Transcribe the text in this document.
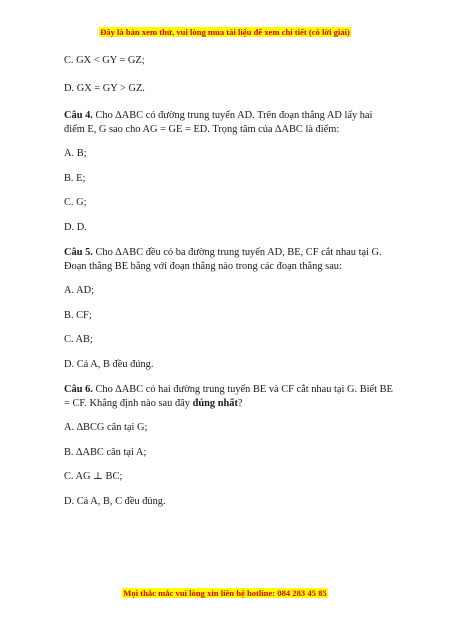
Đây là bản xem thử, vui lòng mua tài liệu để xem chi tiết (có lời giải)

C. GX < GY = GZ;

D. GX = GY > GZ.

Câu 4. Cho ∆ABC có đường trung tuyến AD. Trên đoạn thẳng AD lấy hai điểm E, G sao cho AG = GE = ED. Trọng tâm của ∆ABC là điểm:

A. B;

B. E;

C. G;

D. D.

Câu 5. Cho ∆ABC đều có ba đường trung tuyến AD, BE, CF cắt nhau tại G. Đoạn thẳng BE bằng với đoạn thẳng nào trong các đoạn thẳng sau:

A. AD;

B. CF;

C. AB;

D. Cả A, B đều đúng.

Câu 6. Cho ∆ABC có hai đường trung tuyến BE và CF cắt nhau tại G. Biết BE = CF. Khẳng định nào sau đây đúng nhất?

A. ∆BCG cân tại G;

B. ∆ABC cân tại A;

C. AG ⊥ BC;

D. Cả A, B, C đều đúng.

Mọi thắc mắc vui lòng xin liên hệ hotline: 084 283 45 85
